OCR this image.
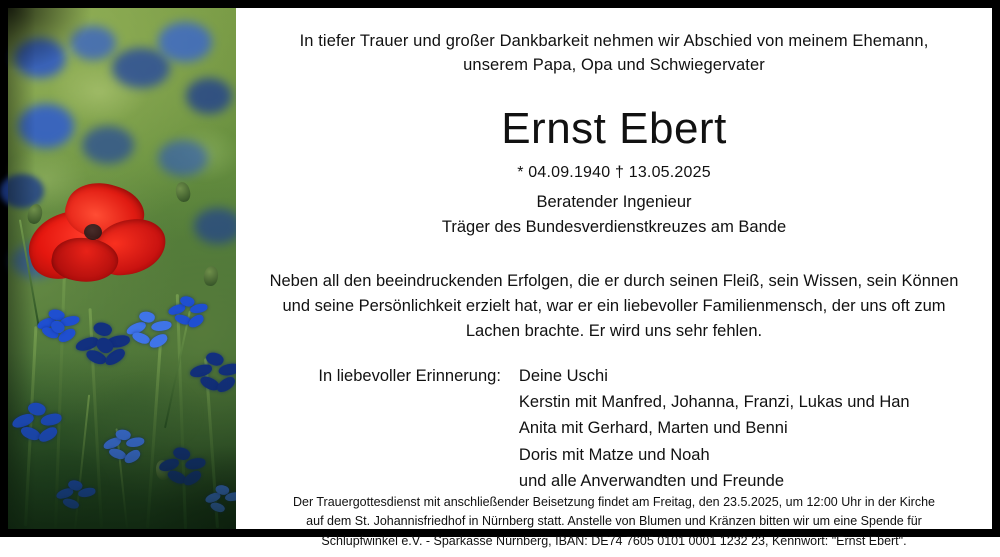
In tiefer Trauer und großer Dankbarkeit nehmen wir Abschied von meinem Ehemann,
unserem Papa, Opa und Schwiegervater
Ernst Ebert
* 04.09.1940 † 13.05.2025
Beratender Ingenieur
Träger des Bundesverdienstkreuzes am Bande
Neben all den beeindruckenden Erfolgen, die er durch seinen Fleiß, sein Wissen, sein Können
und seine Persönlichkeit erzielt hat, war er ein liebevoller Familienmensch, der uns oft zum
Lachen brachte. Er wird uns sehr fehlen.
In liebevoller Erinnerung: Deine Uschi
Kerstin mit Manfred, Johanna, Franzi, Lukas und Han
Anita mit Gerhard, Marten und Benni
Doris mit Matze und Noah
und alle Anverwandten und Freunde
Der Trauergottesdienst mit anschließender Beisetzung findet am Freitag, den 23.5.2025, um 12:00 Uhr in der Kirche
auf dem St. Johannisfriedhof in Nürnberg statt. Anstelle von Blumen und Kränzen bitten wir um eine Spende für
Schlupfwinkel e.V. - Sparkasse Nürnberg, IBAN: DE74 7605 0101 0001 1232 23, Kennwort: "Ernst Ebert".
